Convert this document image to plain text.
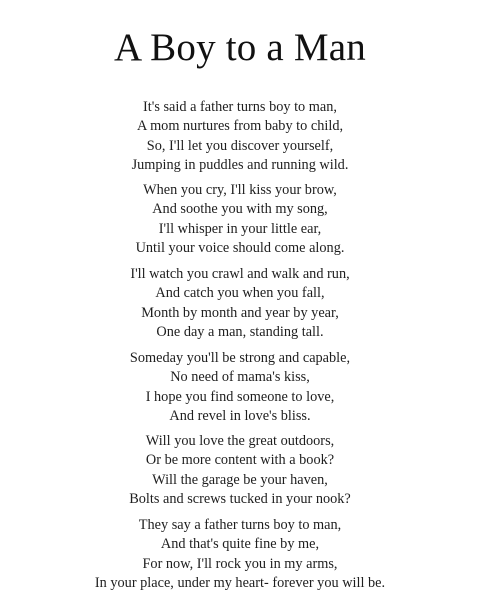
A Boy to a Man
It's said a father turns boy to man,
A mom nurtures from baby to child,
So, I'll let you discover yourself,
Jumping in puddles and running wild.
When you cry, I'll kiss your brow,
And soothe you with my song,
I'll whisper in your little ear,
Until your voice should come along.
I'll watch you crawl and walk and run,
And catch you when you fall,
Month by month and year by year,
One day a man, standing tall.
Someday you'll be strong and capable,
No need of mama's kiss,
I hope you find someone to love,
And revel in love's bliss.
Will you love the great outdoors,
Or be more content with a book?
Will the garage be your haven,
Bolts and screws tucked in your nook?
They say a father turns boy to man,
And that's quite fine by me,
For now, I'll rock you in my arms,
In your place, under my heart- forever you will be.
